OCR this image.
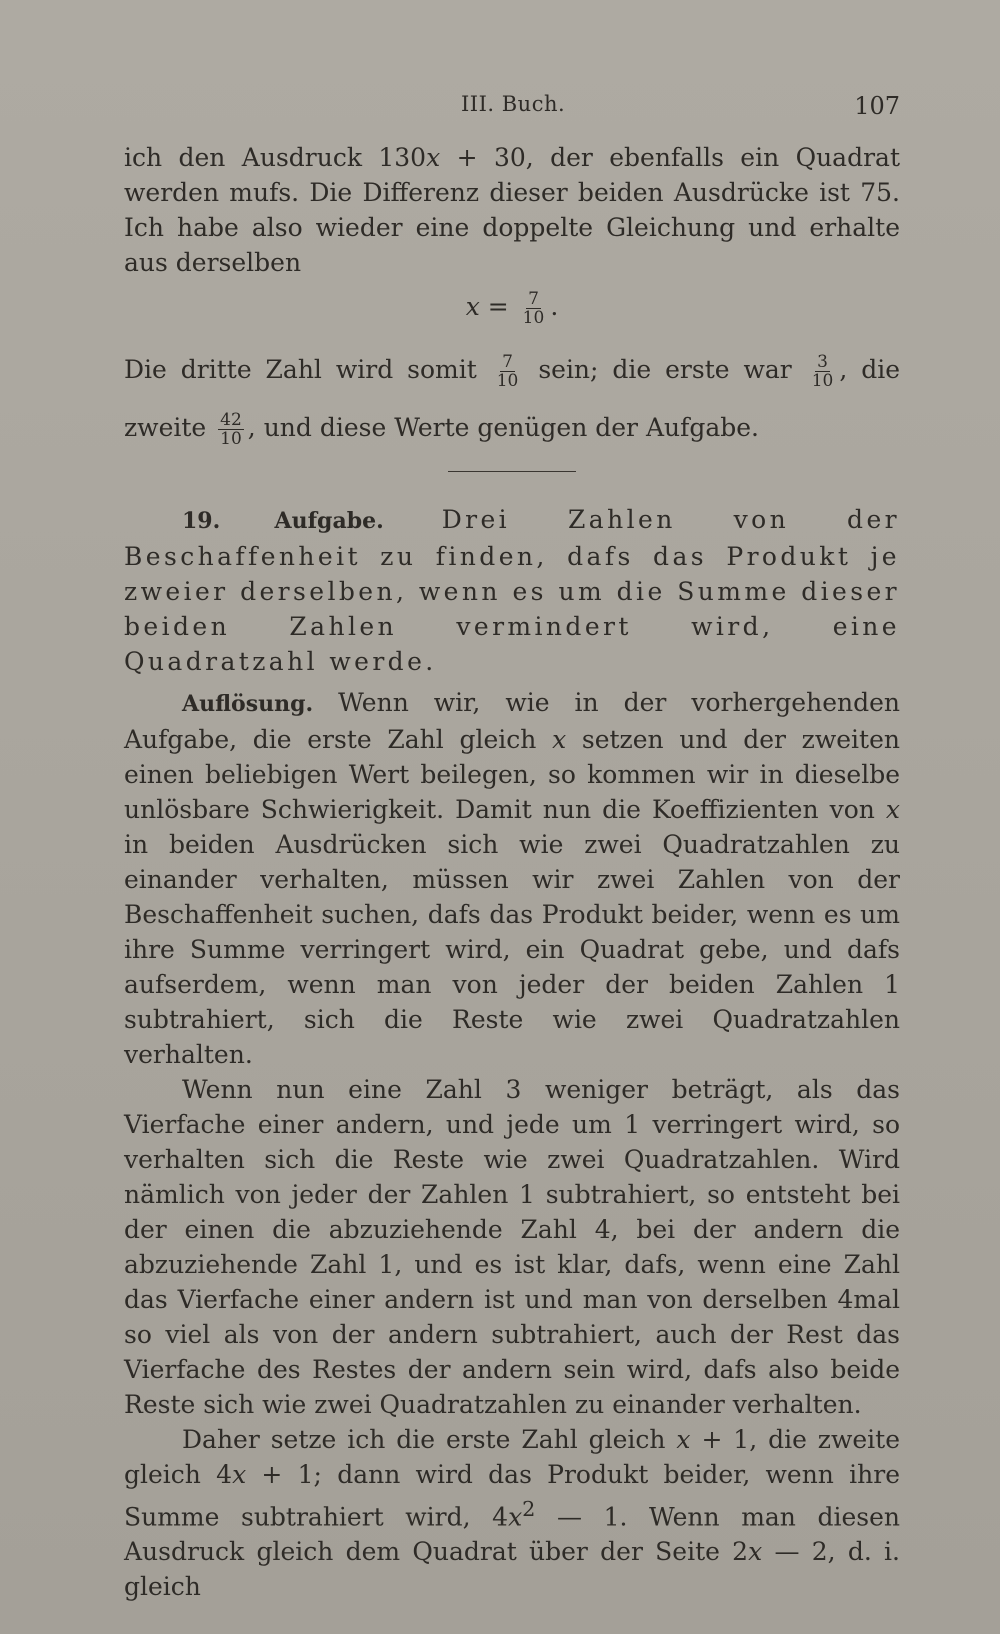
III. Buch.	107

ich den Ausdruck 130x + 30, der ebenfalls ein Quadrat werden mufs. Die Differenz dieser beiden Ausdrücke ist 75. Ich habe also wieder eine doppelte Gleichung und erhalte aus derselben

$x = \frac{7}{10}$ .

Die dritte Zahl wird somit $\frac{7}{10}$ sein; die erste war $\frac{3}{10}$ , die zweite $\frac{42}{10}$ , und diese Werte genügen der Aufgabe.

19. Aufgabe. Drei Zahlen von der Beschaffenheit zu finden, dafs das Produkt je zweier derselben, wenn es um die Summe dieser beiden Zahlen vermindert wird, eine Quadratzahl werde.

Auflösung. Wenn wir, wie in der vorhergehenden Aufgabe, die erste Zahl gleich x setzen und der zweiten einen beliebigen Wert beilegen, so kommen wir in dieselbe unlösbare Schwierigkeit. Damit nun die Koeffizienten von x in beiden Ausdrücken sich wie zwei Quadratzahlen zu einander verhalten, müssen wir zwei Zahlen von der Beschaffenheit suchen, dafs das Produkt beider, wenn es um ihre Summe verringert wird, ein Quadrat gebe, und dafs aufserdem, wenn man von jeder der beiden Zahlen 1 subtrahiert, sich die Reste wie zwei Quadratzahlen verhalten.

Wenn nun eine Zahl 3 weniger beträgt, als das Vierfache einer andern, und jede um 1 verringert wird, so verhalten sich die Reste wie zwei Quadratzahlen. Wird nämlich von jeder der Zahlen 1 subtrahiert, so entsteht bei der einen die abzuziehende Zahl 4, bei der andern die abzuziehende Zahl 1, und es ist klar, dafs, wenn eine Zahl das Vierfache einer andern ist und man von derselben 4mal so viel als von der andern subtrahiert, auch der Rest das Vierfache des Restes der andern sein wird, dafs also beide Reste sich wie zwei Quadratzahlen zu einander verhalten.

Daher setze ich die erste Zahl gleich x + 1, die zweite gleich 4x + 1; dann wird das Produkt beider, wenn ihre Summe subtrahiert wird, $4x^2$ — 1. Wenn man diesen Ausdruck gleich dem Quadrat über der Seite 2x — 2, d. i. gleich
